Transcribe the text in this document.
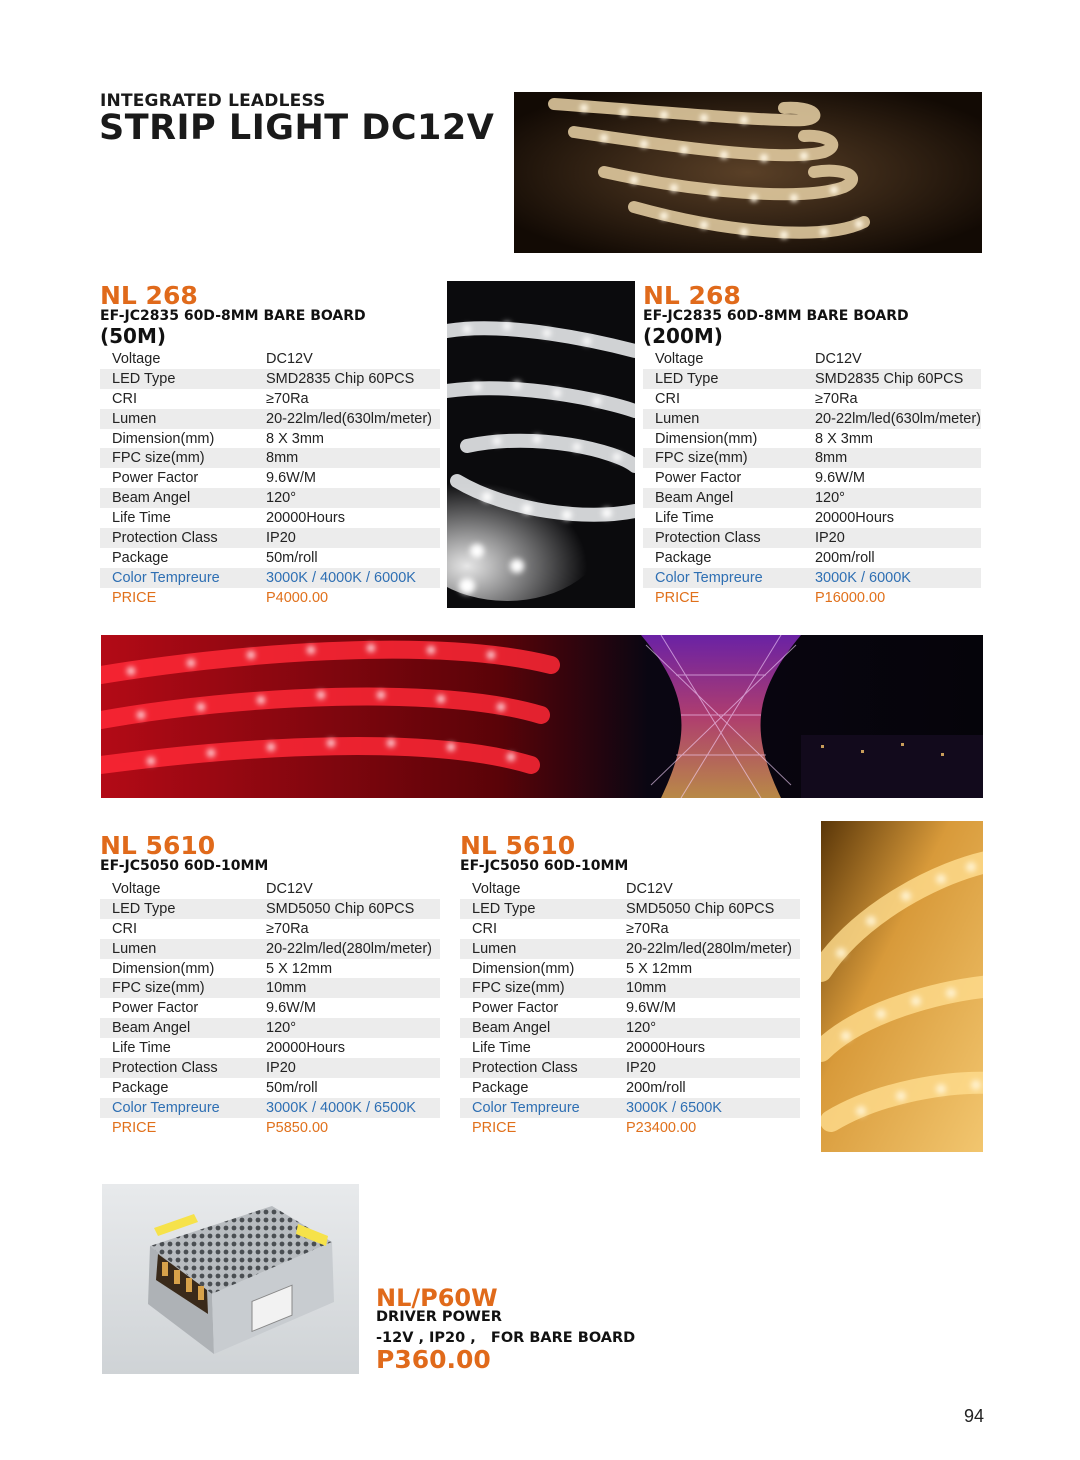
INTEGRATED LEADLESS
STRIP LIGHT DC12V
NL 268
EF-JC2835 60D-8MM BARE BOARD
(50M)
Voltage	DC12V
LED Type	SMD2835 Chip 60PCS
CRI	≥70Ra
Lumen	20-22lm/led(630lm/meter)
Dimension(mm)	8 X 3mm
FPC size(mm)	8mm
Power Factor	9.6W/M
Beam Angel	120°
Life Time	20000Hours
Protection Class	IP20
Package	50m/roll
Color Tempreure	3000K / 4000K / 6000K
PRICE	P4000.00
NL 268
EF-JC2835 60D-8MM BARE BOARD
(200M)
Voltage	DC12V
LED Type	SMD2835 Chip 60PCS
CRI	≥70Ra
Lumen	20-22lm/led(630lm/meter)
Dimension(mm)	8 X 3mm
FPC size(mm)	8mm
Power Factor	9.6W/M
Beam Angel	120°
Life Time	20000Hours
Protection Class	IP20
Package	200m/roll
Color Tempreure	3000K / 6000K
PRICE	P16000.00
NL 5610
EF-JC5050 60D-10MM
Voltage	DC12V
LED Type	SMD5050 Chip 60PCS
CRI	≥70Ra
Lumen	20-22lm/led(280lm/meter)
Dimension(mm)	5 X 12mm
FPC size(mm)	10mm
Power Factor	9.6W/M
Beam Angel	120°
Life Time	20000Hours
Protection Class	IP20
Package	50m/roll
Color Tempreure	3000K / 4000K / 6500K
PRICE	P5850.00
NL 5610
EF-JC5050 60D-10MM
Voltage	DC12V
LED Type	SMD5050 Chip 60PCS
CRI	≥70Ra
Lumen	20-22lm/led(280lm/meter)
Dimension(mm)	5 X 12mm
FPC size(mm)	10mm
Power Factor	9.6W/M
Beam Angel	120°
Life Time	20000Hours
Protection Class	IP20
Package	200m/roll
Color Tempreure	3000K / 6500K
PRICE	P23400.00
NL/P60W
DRIVER POWER
-12V , IP20 ,   FOR BARE BOARD
P360.00
94
